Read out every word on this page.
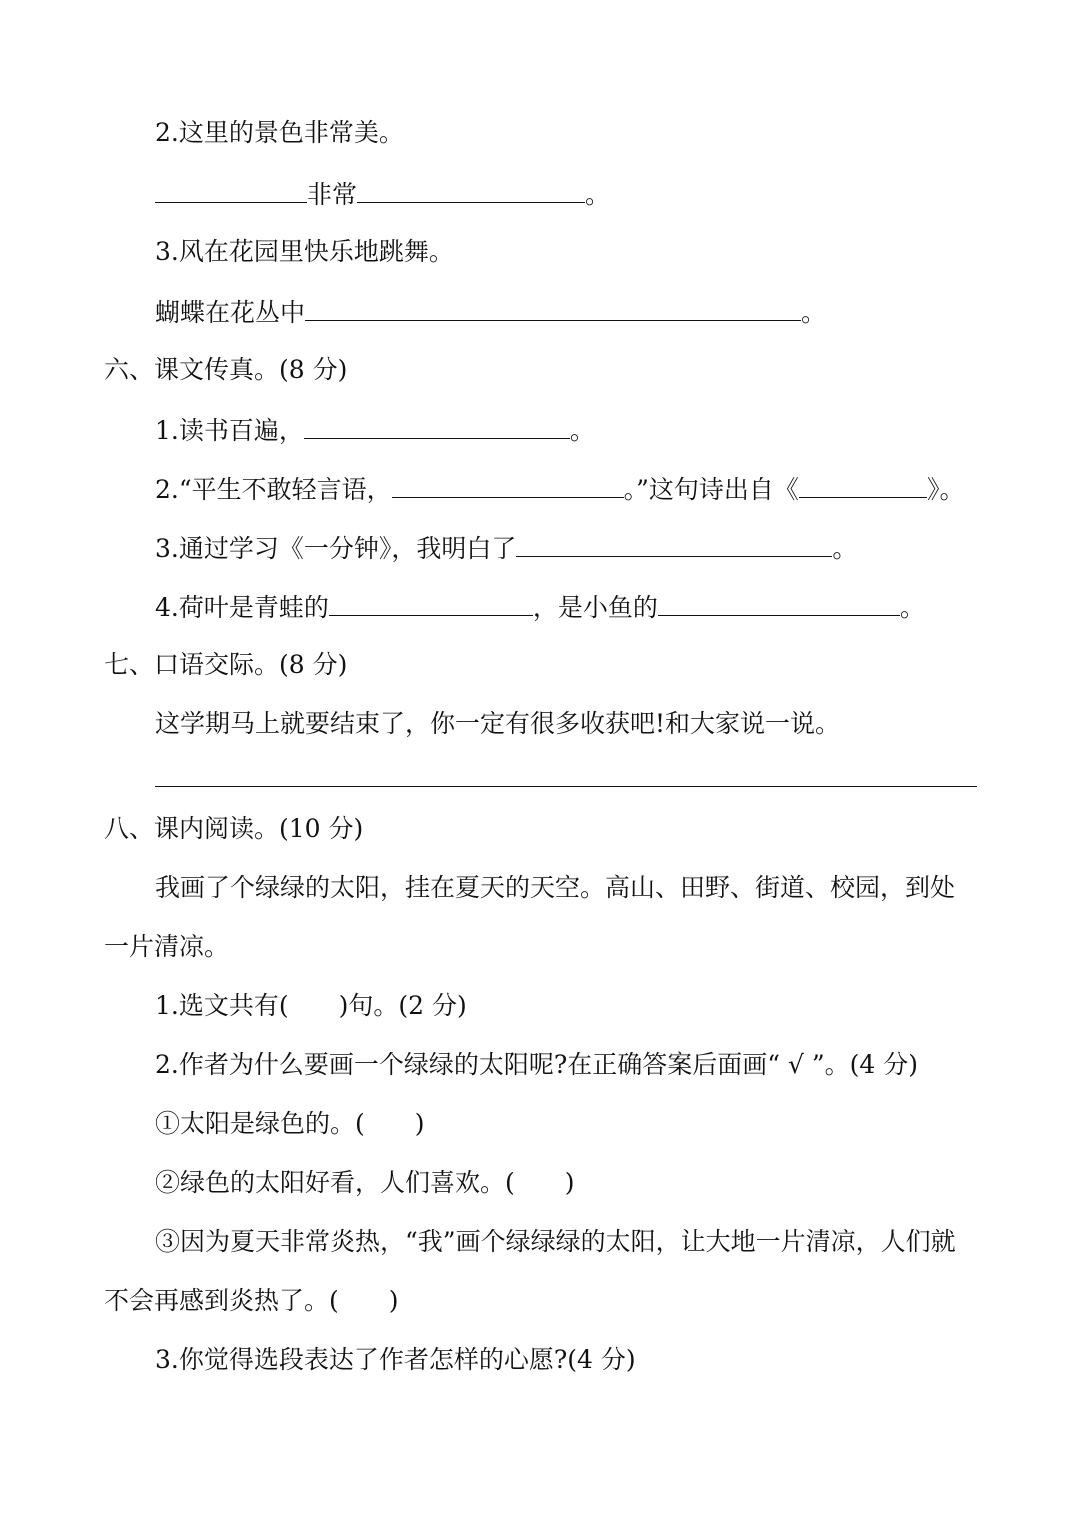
2.这里的景色非常美。
非常	。
3.风在花园里快乐地跳舞。
蝴蝶在花丛中	。
六、课文传真。(8 分)
1.读书百遍，	。
2.“平生不敢轻言语，	。”这句诗出自《	》。
3.通过学习《一分钟》，我明白了	。
4.荷叶是青蛙的	，是小鱼的	。
七、口语交际。(8 分)
这学期马上就要结束了，你一定有很多收获吧!和大家说一说。
八、课内阅读。(10 分)
我画了个绿绿的太阳，挂在夏天的天空。高山、田野、街道、校园，到处
一片清凉。
1.选文共有(　　)句。(2 分)
2.作者为什么要画一个绿绿的太阳呢?在正确答案后面画“ √ ”。(4 分)
①太阳是绿色的。(　　)
②绿色的太阳好看，人们喜欢。(　　)
③因为夏天非常炎热，“我”画个绿绿绿的太阳，让大地一片清凉，人们就
不会再感到炎热了。(　　)
3.你觉得选段表达了作者怎样的心愿?(4 分)
